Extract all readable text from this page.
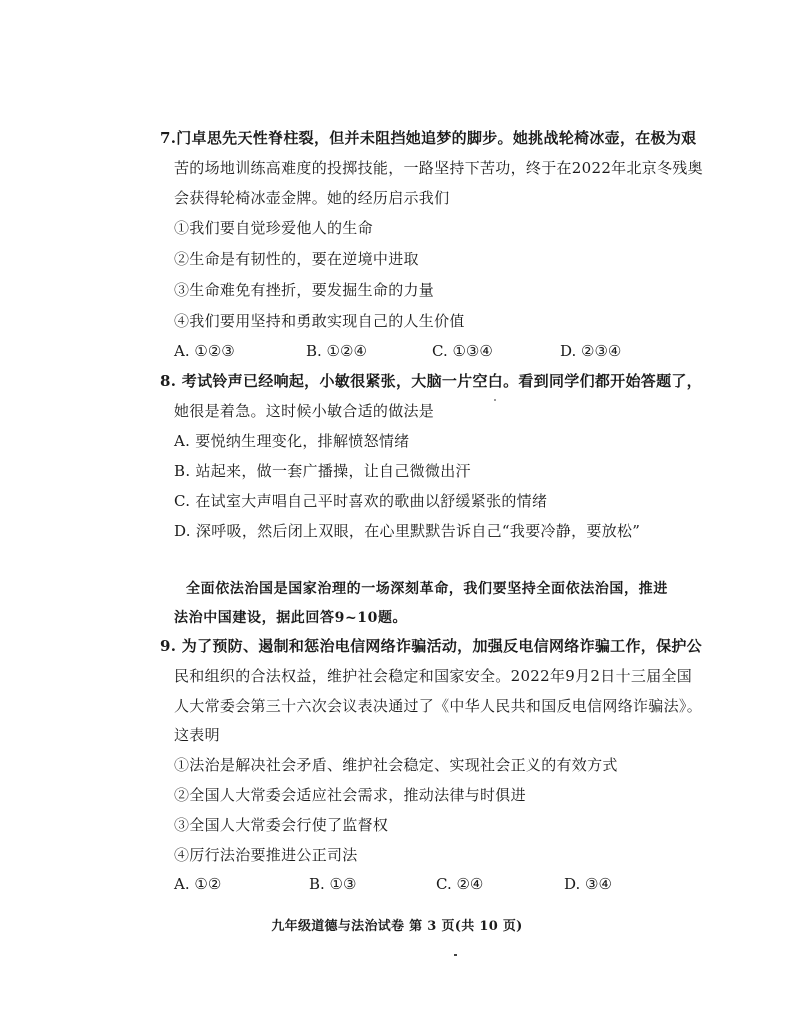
7.门卓思先天性脊柱裂，但并未阻挡她追梦的脚步。她挑战轮椅冰壶，在极为艰
苦的场地训练高难度的投掷技能，一路坚持下苦功，终于在2022年北京冬残奥
会获得轮椅冰壶金牌。她的经历启示我们
①我们要自觉珍爱他人的生命
②生命是有韧性的，要在逆境中进取
③生命难免有挫折，要发掘生命的力量
④我们要用坚持和勇敢实现自己的人生价值
A. ①②③	B. ①②④	C. ①③④	D. ②③④
8. 考试铃声已经响起，小敏很紧张，大脑一片空白。看到同学们都开始答题了，
她很是着急。这时候小敏合适的做法是
A. 要悦纳生理变化，排解愤怒情绪
B. 站起来，做一套广播操，让自己微微出汗
C. 在试室大声唱自己平时喜欢的歌曲以舒缓紧张的情绪
D. 深呼吸，然后闭上双眼，在心里默默告诉自己“我要冷静，要放松”
全面依法治国是国家治理的一场深刻革命，我们要坚持全面依法治国，推进
法治中国建设，据此回答9~10题。
9. 为了预防、遏制和惩治电信网络诈骗活动，加强反电信网络诈骗工作，保护公
民和组织的合法权益，维护社会稳定和国家安全。2022年9月2日十三届全国
人大常委会第三十六次会议表决通过了《中华人民共和国反电信网络诈骗法》。
这表明
①法治是解决社会矛盾、维护社会稳定、实现社会正义的有效方式
②全国人大常委会适应社会需求，推动法律与时俱进
③全国人大常委会行使了监督权
④厉行法治要推进公正司法
A. ①②	B. ①③	C. ②④	D. ③④
九年级道德与法治试卷 第 3 页(共 10 页)
